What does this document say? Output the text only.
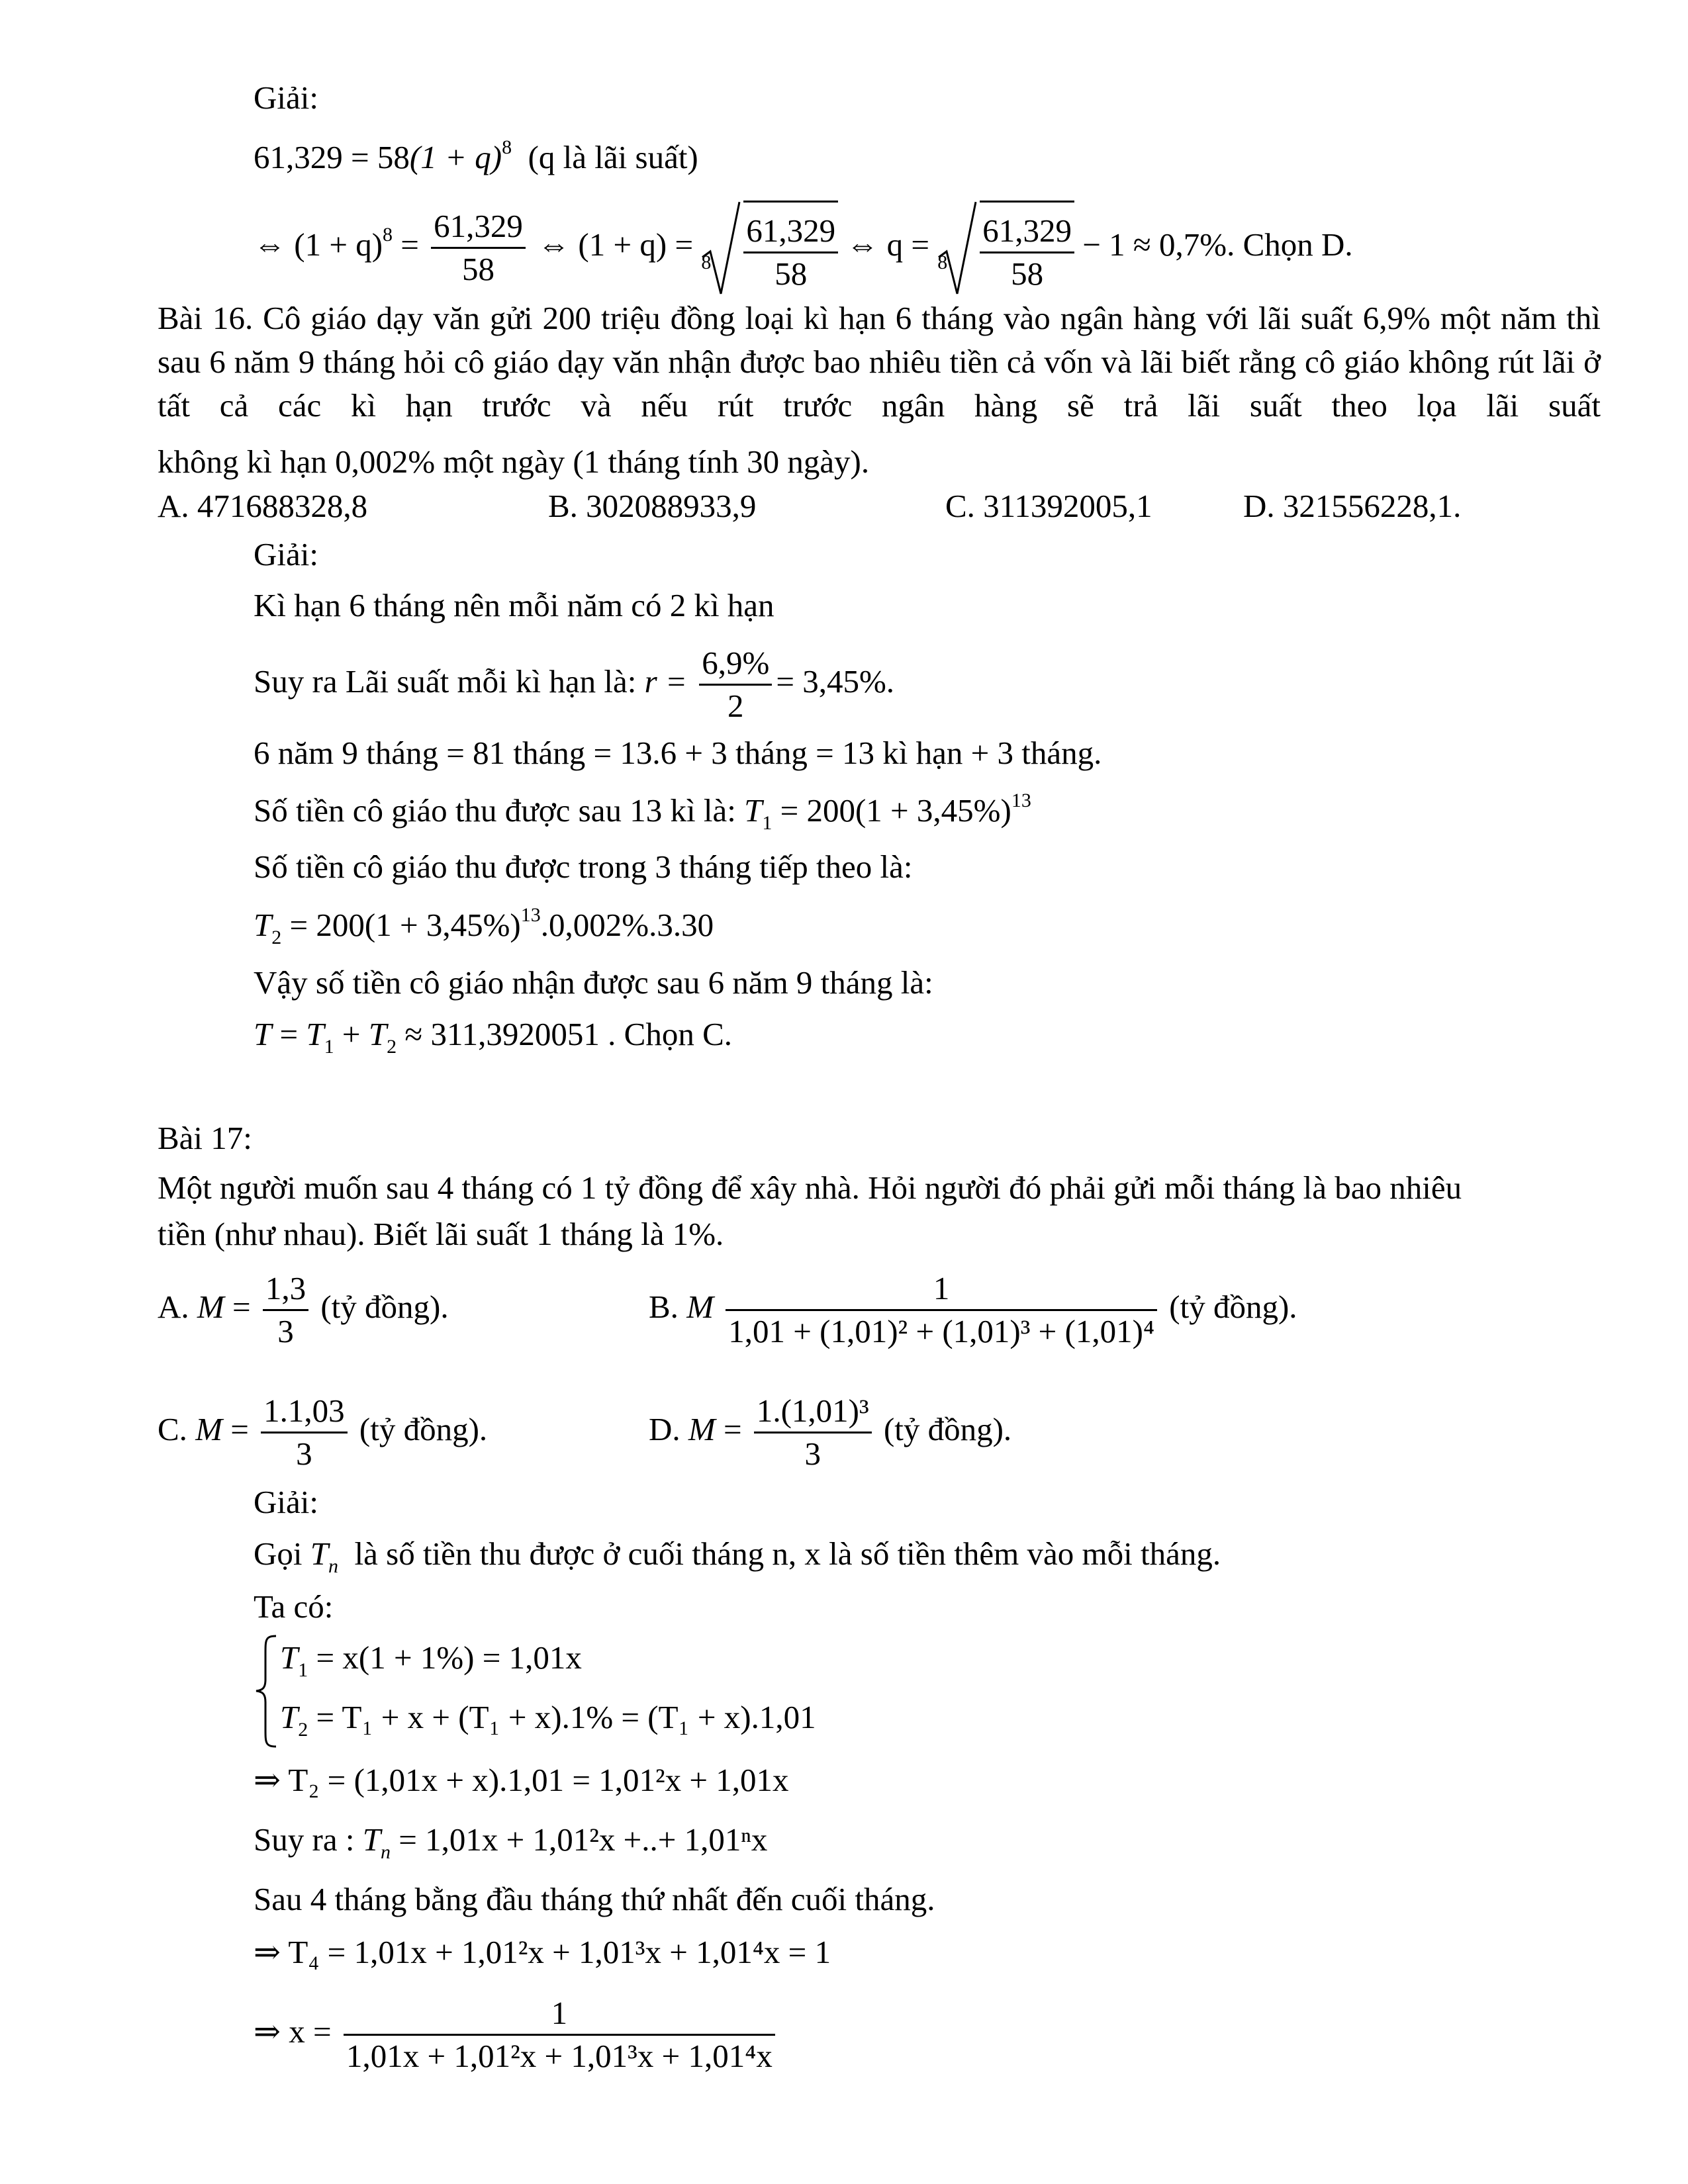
Giải:
$61,329 = 58(1 + q)^8$ (q là lãi suất)
⇔ $(1 + q)^8 = \frac{61,329}{58}$ ⇔ $(1 + q) = 8 \frac{61,329}{58}$ ⇔ $q = 8 \frac{61,329}{58} - 1 \approx 0,7\%$. Chọn D.
Bài 16. Cô giáo dạy văn gửi 200 triệu đồng loại kì hạn 6 tháng vào ngân hàng với lãi suất 6,9% một năm thì sau 6 năm 9 tháng hỏi cô giáo dạy văn nhận được bao nhiêu tiền cả vốn và lãi biết rằng cô giáo không rút lãi ở tất cả các kì hạn trước và nếu rút trước ngân hàng sẽ trả lãi suất theo lọa lãi suất
không kì hạn 0,002% một ngày (1 tháng tính 30 ngày).
A. 471688328,8	B. 302088933,9	C. 311392005,1	D. 321556228,1.
Giải:
Kì hạn 6 tháng nên mỗi năm có 2 kì hạn
Suy ra Lãi suất mỗi kì hạn là: $r = \frac{6,9\%}{2} = 3,45\%$.
6 năm 9 tháng = 81 tháng = 13.6 + 3 tháng = 13 kì hạn + 3 tháng.
Số tiền cô giáo thu được sau 13 kì là: $T_1 = 200(1 + 3,45\%)^{13}$
Số tiền cô giáo thu được trong 3 tháng tiếp theo là:
$T_2 = 200(1 + 3,45\%)^{13}.0,002\%.3.30$
Vậy số tiền cô giáo nhận được sau 6 năm 9 tháng là:
$T = T_1 + T_2 \approx 311,3920051$ . Chọn C.
Bài 17:
Một người muốn sau 4 tháng có 1 tỷ đồng để xây nhà. Hỏi người đó phải gửi mỗi tháng là bao nhiêu
tiền (như nhau). Biết lãi suất 1 tháng là 1%.
A. $M = \frac{1,3}{3}$ (tỷ đồng).	B. M $\frac{1}{\text{1,01 + (1,01)² + (1,01)³ + (1,01)⁴}}$ (tỷ đồng).
C. $M = \frac{1.1,03}{3}$ (tỷ đồng).	D. $M = \frac{\text{1.(1,01)³}}{3}$ (tỷ đồng).
Giải:
Gọi $T_n$ là số tiền thu được ở cuối tháng n, x là số tiền thêm vào mỗi tháng.
Ta có:
$T_1 = x(1 + 1\%) = 1,01x$
$T_2 = T_1 + x + (T_1 + x).1\% = (T_1 + x).1,01$
⇒ T₂ = (1,01x + x).1,01 = 1,01²x + 1,01x
Suy ra : $T_n = 1,01x + 1,01^2x$ +..+ 1,01ⁿx
Sau 4 tháng bằng đầu tháng thứ nhất đến cuối tháng.
⇒ T₄ = 1,01x + 1,01²x + 1,01³x + 1,01⁴x = 1
⇒ $x = \frac{1}{\text{1,01x + 1,01²x + 1,01³x + 1,01⁴x}}$
